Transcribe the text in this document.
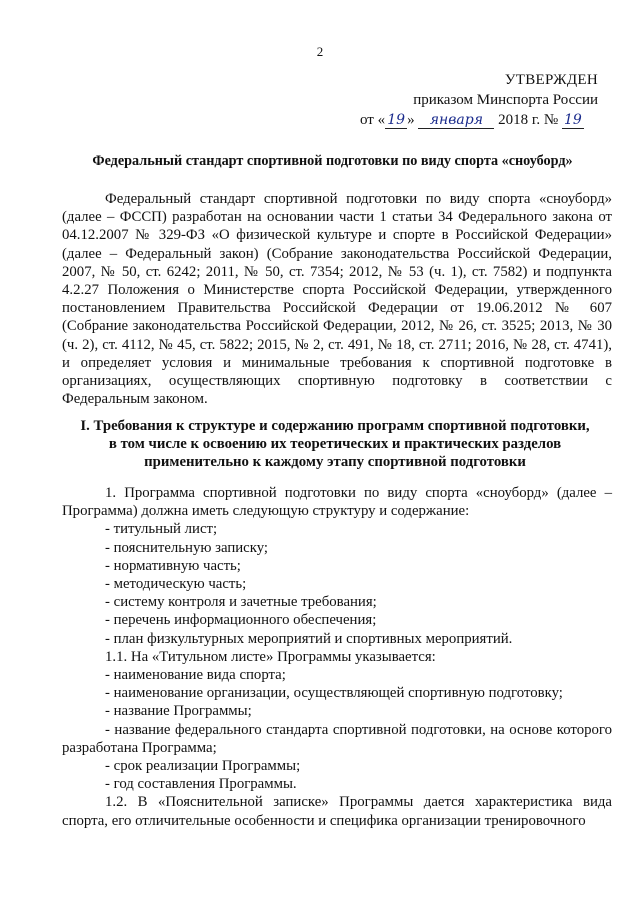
2
УТВЕРЖДЕН
приказом Минспорта России
от « 19 » января 2018 г. № 19
Федеральный стандарт спортивной подготовки по виду спорта «сноуборд»

Федеральный стандарт спортивной подготовки по виду спорта «сноуборд» (далее – ФССП) разработан на основании части 1 статьи 34 Федерального закона от 04.12.2007 № 329-ФЗ «О физической культуре и спорте в Российской Федерации» (далее – Федеральный закон) (Собрание законодательства Российской Федерации, 2007, № 50, ст. 6242; 2011, № 50, ст. 7354; 2012, № 53 (ч. 1), ст. 7582) и подпункта 4.2.27 Положения о Министерстве спорта Российской Федерации, утвержденного постановлением Правительства Российской Федерации от 19.06.2012 № 607 (Собрание законодательства Российской Федерации, 2012, № 26, ст. 3525; 2013, № 30 (ч. 2), ст. 4112, № 45, ст. 5822; 2015, № 2, ст. 491, № 18, ст. 2711; 2016, № 28, ст. 4741), и определяет условия и минимальные требования к спортивной подготовке в организациях, осуществляющих спортивную подготовку в соответствии с Федеральным законом.

I. Требования к структуре и содержанию программ спортивной подготовки,
в том числе к освоению их теоретических и практических разделов
применительно к каждому этапу спортивной подготовки

1. Программа спортивной подготовки по виду спорта «сноуборд» (далее – Программа) должна иметь следующую структуру и содержание:

- титульный лист;

- пояснительную записку;

- нормативную часть;

- методическую часть;

- систему контроля и зачетные требования;

- перечень информационного обеспечения;

- план физкультурных мероприятий и спортивных мероприятий.

1.1. На «Титульном листе» Программы указывается:

- наименование вида спорта;

- наименование организации, осуществляющей спортивную подготовку;

- название Программы;

- название федерального стандарта спортивной подготовки, на основе которого разработана Программа;

- срок реализации Программы;

- год составления Программы.

1.2. В «Пояснительной записке» Программы дается характеристика вида спорта, его отличительные особенности и специфика организации тренировочного
